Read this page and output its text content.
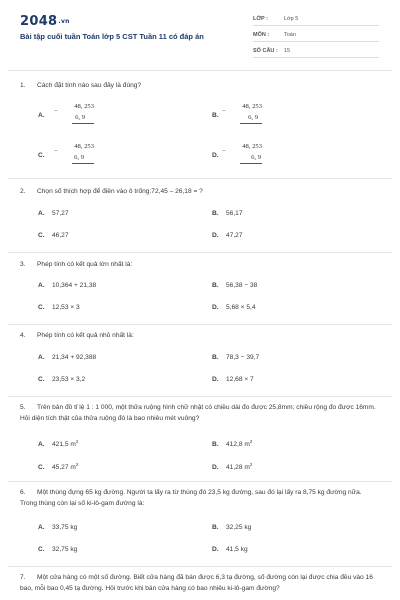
2048.vn
Bài tập cuối tuần Toán lớp 5 CST Tuần 11 có đáp án
LỚP :	Lớp 5
MÔN :	Toán
SỐ CÂU : 15
1. Cách đặt tính nào sau đây là đúng?
A.
48, 253
−
6, 9	B.
48, 253
−
6, 9
C.
48, 253
−
6, 9	D.
48, 253
−
6, 9
2. Chọn số thích hợp để điền vào ô trống:72,45 – 26,18 = ?
A. 57,27	B. 56,17
C. 46,27	D. 47,27
3. Phép tính có kết quả lớn nhất là:
A. 10,364 + 21,38	B. 56,38 − 38
C. 12,53 × 3	D. 5,68 × 5,4
4. Phép tính có kết quả nhỏ nhất là:
A. 21,34 + 92,388	B. 78,3 − 39,7
C. 23,53 × 3,2	D. 12,68 × 7
5. Trên bản đồ tỉ lệ 1 : 1 000, một thửa ruộng hình chữ nhật có chiều dài đo được 25,8mm; chiều rộng đo được 16mm. Hỏi diện tích thật của thửa ruộng đó là bao nhiêu mét vuông?
A. 421,5 $m^2$	B. 412,8 $m^2$
C. 45,27 $m^2$	D. 41,28 $m^2$
6. Một thùng đựng 65 kg đường. Người ta lấy ra từ thùng đó 23,5 kg đường, sau đó lại lấy ra 8,75 kg đường nữa. Trong thùng còn lại số ki-lô-gam đường là:
A. 33,75 kg	B. 32,25 kg
C. 32,75 kg	D. 41,5 kg
7. Một cửa hàng có một số đường. Biết cửa hàng đã bán được 6,3 tạ đường, số đường còn lại được chia đều vào 16 bao, mỗi bao 0,45 tạ đường. Hỏi trước khi bán cửa hàng có bao nhiêu ki-lô-gam đường?
